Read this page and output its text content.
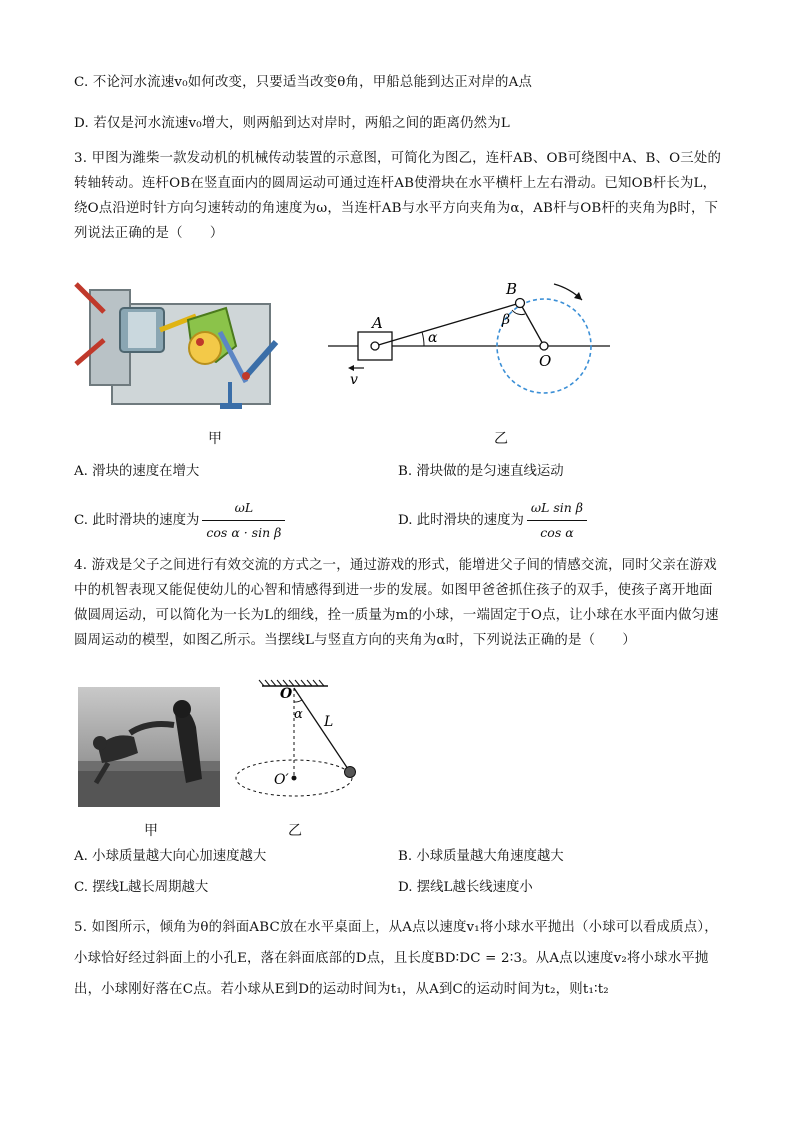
C. 不论河水流速v₀如何改变，只要适当改变θ角，甲船总能到达正对岸的A点
D. 若仅是河水流速v₀增大，则两船到达对岸时，两船之间的距离仍然为L
3. 甲图为潍柴一款发动机的机械传动装置的示意图，可简化为图乙，连杆AB、OB可绕图中A、B、O三处的转轴转动。连杆OB在竖直面内的圆周运动可通过连杆AB使滑块在水平横杆上左右滑动。已知OB杆长为L，绕O点沿逆时针方向匀速转动的角速度为ω，当连杆AB与水平方向夹角为α，AB杆与OB杆的夹角为β时，下列说法正确的是（　　）
甲
A
α
B
β
O
v
乙
A. 滑块的速度在增大	B. 滑块做的是匀速直线运动
C. 此时滑块的速度为 $\frac{\omega L}{\text{cos α · sin β}}$	D. 此时滑块的速度为 $\frac{\text{ωL sin β}}{\text{cos α}}$
4. 游戏是父子之间进行有效交流的方式之一，通过游戏的形式，能增进父子间的情感交流，同时父亲在游戏中的机智表现又能促使幼儿的心智和情感得到进一步的发展。如图甲爸爸抓住孩子的双手，使孩子离开地面做圆周运动，可以简化为一长为L的细线，拴一质量为m的小球，一端固定于O点，让小球在水平面内做匀速圆周运动的模型，如图乙所示。当摆线L与竖直方向的夹角为α时，下列说法正确的是（　　）
甲
O
α L
O′
乙
A. 小球质量越大向心加速度越大	B. 小球质量越大角速度越大
C. 摆线L越长周期越大	D. 摆线L越长线速度小
5. 如图所示，倾角为θ的斜面ABC放在水平桌面上，从A点以速度v₁将小球水平抛出（小球可以看成质点），小球恰好经过斜面上的小孔E，落在斜面底部的D点，且长度BD∶DC = 2∶3。从A点以速度v₂将小球水平抛出，小球刚好落在C点。若小球从E到D的运动时间为t₁，从A到C的运动时间为t₂，则t₁∶t₂
